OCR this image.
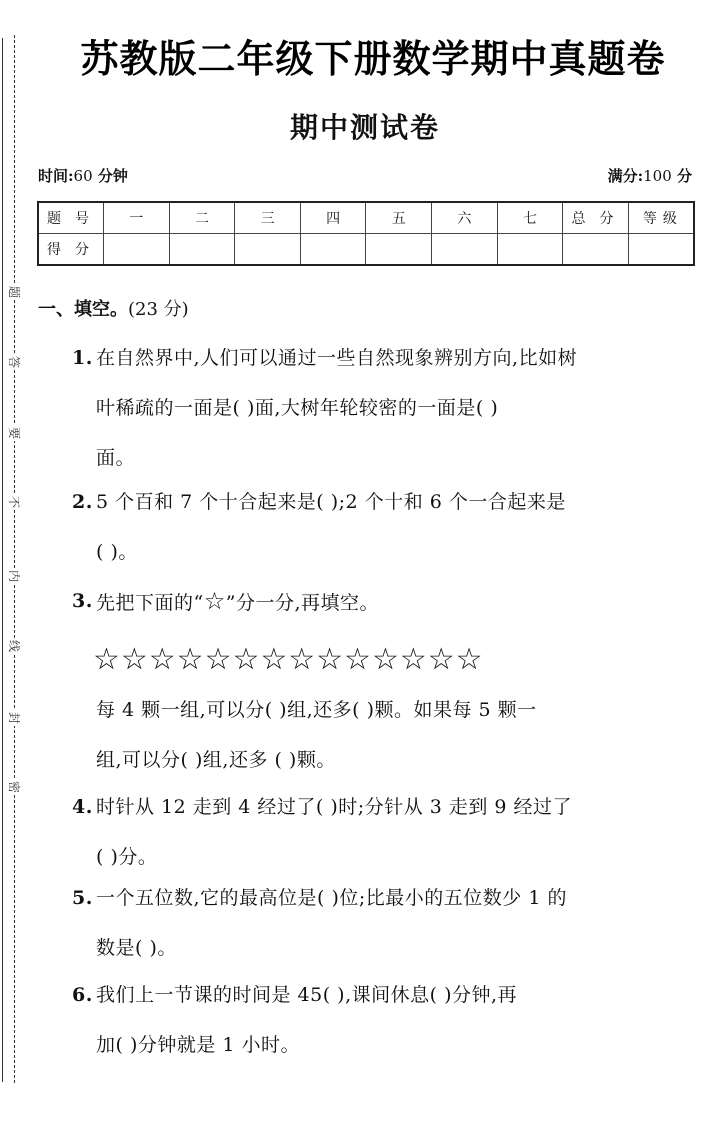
题
答
要
不
内
线
封
密
苏教版二年级下册数学期中真题卷
期中测试卷
时间:60 分钟	满分:100 分
题号	一	二	三	四	五	六	七	总分	等级
得分									
一、填空。(23 分)
1. 在自然界中,人们可以通过一些自然现象辨别方向,比如树
叶稀疏的一面是( )面,大树年轮较密的一面是( )
面。
2. 5 个百和 7 个十合起来是( );2 个十和 6 个一合起来是
( )。
3. 先把下面的“☆”分一分,再填空。
☆☆☆☆☆☆☆☆☆☆☆☆☆☆
每 4 颗一组,可以分( )组,还多( )颗。如果每 5 颗一
组,可以分( )组,还多 ( )颗。
4. 时针从 12 走到 4 经过了( )时;分针从 3 走到 9 经过了
( )分。
5. 一个五位数,它的最高位是( )位;比最小的五位数少 1 的
数是( )。
6. 我们上一节课的时间是 45( ),课间休息( )分钟,再
加( )分钟就是 1 小时。
